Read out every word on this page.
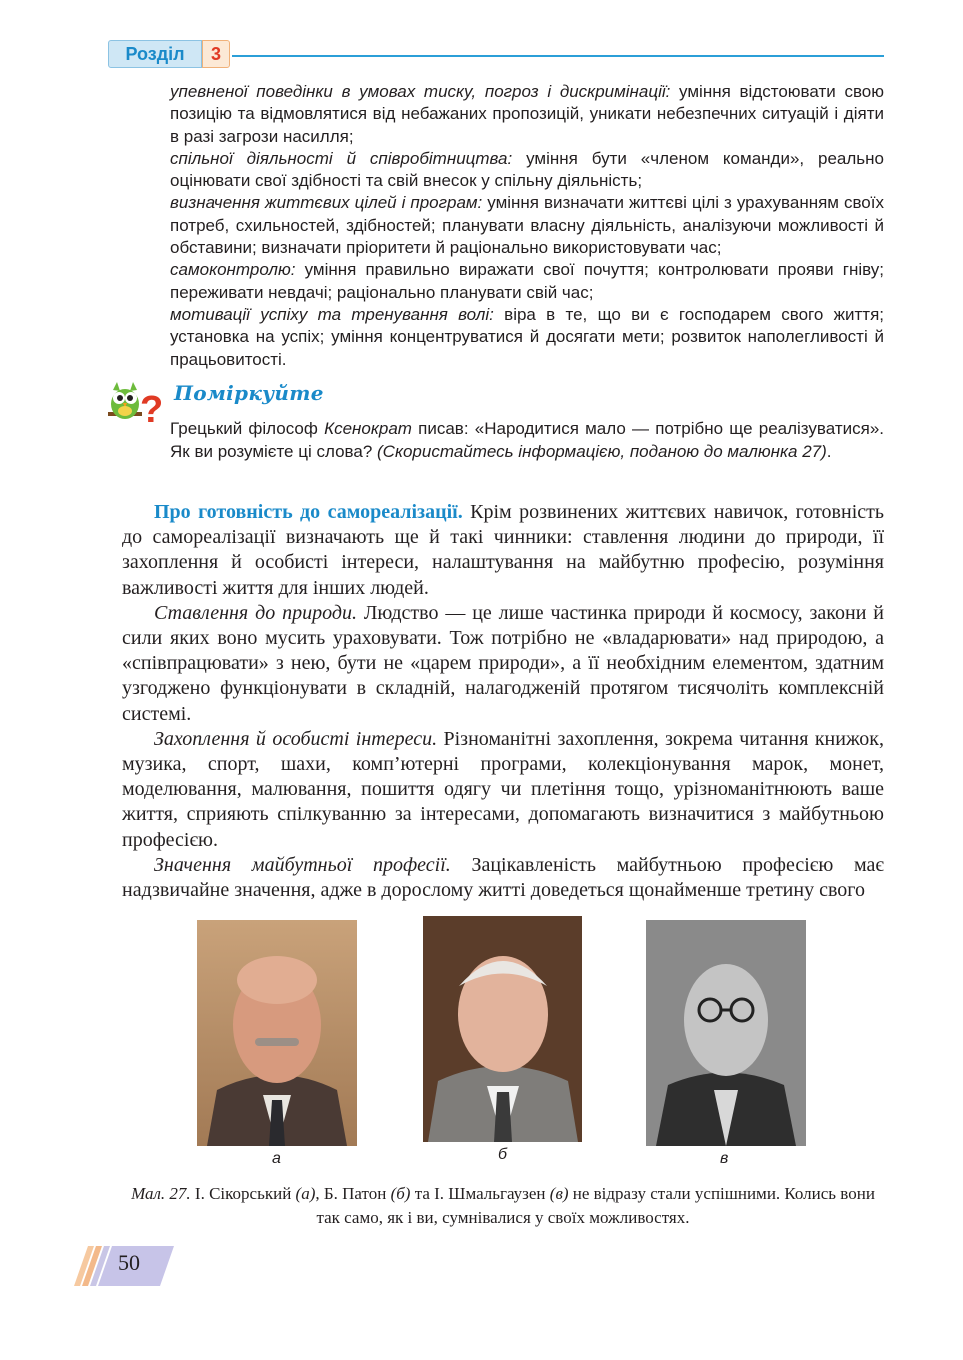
Розділ	3

упевненої поведінки в умовах тиску, погроз і дискримінації: уміння відстоювати свою позицію та відмовлятися від небажаних пропозицій, уникати небезпечних ситуацій і діяти в разі загрози насилля;

спільної діяльності й співробітництва: уміння бути «членом команди», реально оцінювати свої здібності та свій внесок у спільну діяльність;

визначення життєвих цілей і програм: уміння визначати життєві цілі з урахуванням своїх потреб, схильностей, здібностей; планувати власну діяльність, аналізуючи можливості й обставини; визначати пріоритети й раціонально використовувати час;

самоконтролю: уміння правильно виражати свої почуття; контролювати прояви гніву; переживати невдачі; раціонально планувати свій час;

мотивації успіху та тренування волі: віра в те, що ви є господарем свого життя; установка на успіх; уміння концентруватися й досягати мети; розвиток наполегливості й працьовитості.

? Поміркуйте

Грецький філософ Ксенократ писав: «Народитися мало — потрібно ще реалізуватися». Як ви розумієте ці слова? (Скористайтесь інформацією, поданою до малюнка 27).

Про готовність до самореалізації. Крім розвинених життєвих навичок, готовність до самореалізації визначають ще й такі чинники: ставлення людини до природи, її захоплення й особисті інтереси, налаштування на майбутню професію, розуміння важливості життя для інших людей.

Ставлення до природи. Людство — це лише частинка природи й космосу, закони й сили яких воно мусить ураховувати. Тож потрібно не «владарювати» над природою, а «співпрацювати» з нею, бути не «царем природи», а її необхідним елементом, здатним узгоджено функціонувати в складній, налагодженій протягом тисячоліть комплексній системі.

Захоплення й особисті інтереси. Різноманітні захоплення, зокрема читання книжок, музика, спорт, шахи, комп’ютерні програми, колекціонування марок, монет, моделювання, малювання, пошиття одягу чи плетіння тощо, урізноманітнюють ваше життя, сприяють спілкуванню за інтересами, допомагають визначитися з майбутньою професією.

Значення майбутньої професії. Зацікавленість майбутньою професією має надзвичайне значення, адже в дорослому житті доведеться щонайменше третину свого

а	б	в
Мал. 27. І. Сікорський (а), Б. Патон (б) та І. Шмальгаузен (в) не відразу стали успішними. Колись вони так само, як і ви, сумнівалися у своїх можливостях.
50
